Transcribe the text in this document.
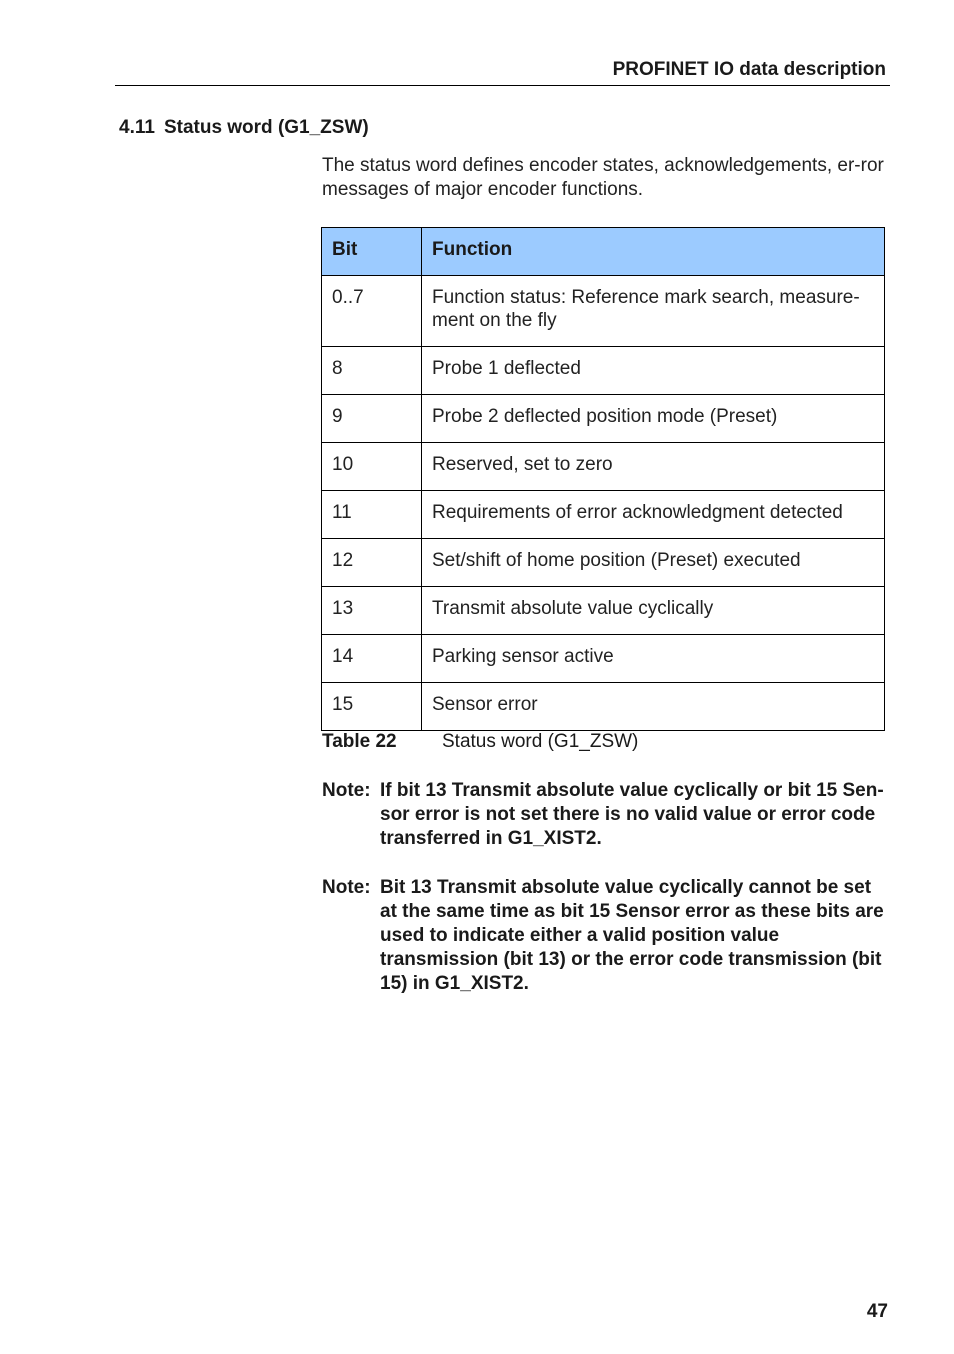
PROFINET IO data description
4.11 Status word (G1_ZSW)
The status word defines encoder states, acknowledgements, er-ror messages of major encoder functions.
Bit	Function
0..7	Function status: Reference mark search, measure-ment on the fly
8	Probe 1 deflected
9	Probe 2 deflected position mode (Preset)
10	Reserved, set to zero
11	Requirements of error acknowledgment detected
12	Set/shift of home position (Preset) executed
13	Transmit absolute value cyclically
14	Parking sensor active
15	Sensor error
Table 22 Status word (G1_ZSW)
Note: If bit 13 Transmit absolute value cyclically or bit 15 Sen-sor error is not set there is no valid value or error code transferred in G1_XIST2.
Note: Bit 13 Transmit absolute value cyclically cannot be set at the same time as bit 15 Sensor error as these bits are used to indicate either a valid position value transmission (bit 13) or the error code transmission (bit 15) in G1_XIST2.
47
